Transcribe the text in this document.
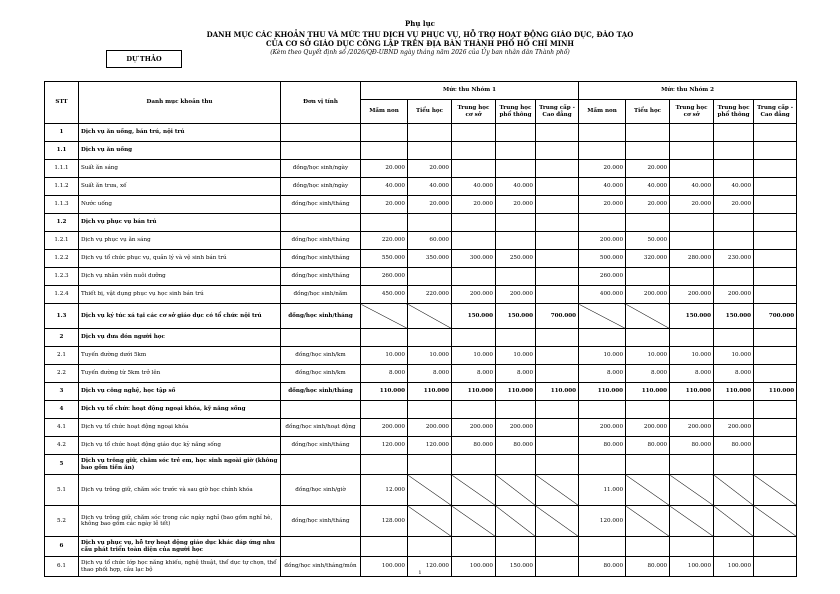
Phụ lục
DANH MỤC CÁC KHOẢN THU VÀ MỨC THU DỊCH VỤ PHỤC VỤ, HỖ TRỢ HOẠT ĐỘNG GIÁO DỤC, ĐÀO TẠO
CỦA CƠ SỞ GIÁO DỤC CÔNG LẬP TRÊN ĐỊA BÀN THÀNH PHỐ HỒ CHÍ MINH
(Kèm theo Quyết định số /2026/QĐ-UBND ngày tháng năm 2026 của Ủy ban nhân dân Thành phố)
DỰ THẢO
STT	Danh mục khoản thu	Đơn vị tính	Mức thu Nhóm 1					Mức thu Nhóm 2				
			Mầm non	Tiểu học	Trung học cơ sở	Trung học phổ thông	Trung cấp - Cao đẳng	Mầm non	Tiểu học	Trung học cơ sở	Trung học phổ thông	Trung cấp - Cao đẳng
1	Dịch vụ ăn uống, bán trú, nội trú											
1.1	Dịch vụ ăn uống											
1.1.1	Suất ăn sáng	đồng/học sinh/ngày	20.000	20.000				20.000	20.000			
1.1.2	Suất ăn trưa, xế	đồng/học sinh/ngày	40.000	40.000	40.000	40.000		40.000	40.000	40.000	40.000	
1.1.3	Nước uống	đồng/học sinh/tháng	20.000	20.000	20.000	20.000		20.000	20.000	20.000	20.000	
1.2	Dịch vụ phục vụ bán trú											
1.2.1	Dịch vụ phục vụ ăn sáng	đồng/học sinh/tháng	220.000	60.000				200.000	50.000			
1.2.2	Dịch vụ tổ chức phục vụ, quản lý và vệ sinh bán trú	đồng/học sinh/tháng	550.000	350.000	300.000	250.000		500.000	320.000	280.000	230.000	
1.2.3	Dịch vụ nhân viên nuôi dưỡng	đồng/học sinh/tháng	260.000					260.000				
1.2.4	Thiết bị, vật dụng phục vụ học sinh bán trú	đồng/học sinh/năm	450.000	220.000	200.000	200.000		400.000	200.000	200.000	200.000	
1.3	Dịch vụ ký túc xá tại các cơ sở giáo dục có tổ chức nội trú	đồng/học sinh/tháng			150.000	150.000	700.000			150.000	150.000	700.000
2	Dịch vụ đưa đón người học											
2.1	Tuyến đường dưới 5km	đồng/học sinh/km	10.000	10.000	10.000	10.000		10.000	10.000	10.000	10.000	
2.2	Tuyến đường từ 5km trở lên	đồng/học sinh/km	8.000	8.000	8.000	8.000		8.000	8.000	8.000	8.000	
3	Dịch vụ công nghệ, học tập số	đồng/học sinh/tháng	110.000	110.000	110.000	110.000	110.000	110.000	110.000	110.000	110.000	110.000
4	Dịch vụ tổ chức hoạt động ngoại khóa, kỹ năng sống											
4.1	Dịch vụ tổ chức hoạt động ngoại khóa	đồng/học sinh/hoạt động	200.000	200.000	200.000	200.000		200.000	200.000	200.000	200.000	
4.2	Dịch vụ tổ chức hoạt động giáo dục kỹ năng sống	đồng/học sinh/tháng	120.000	120.000	80.000	80.000		80.000	80.000	80.000	80.000	
5	Dịch vụ trông giữ, chăm sóc trẻ em, học sinh ngoài giờ (không bao gồm tiền ăn)											
5.1	Dịch vụ trông giữ, chăm sóc trước và sau giờ học chính khóa	đồng/học sinh/giờ	12.000					11.000				
5.2	Dịch vụ trông giữ, chăm sóc trong các ngày nghỉ (bao gồm nghỉ hè, không bao gồm các ngày lễ tết)	đồng/học sinh/tháng	128.000					120.000				
6	Dịch vụ phục vụ, hỗ trợ hoạt động giáo dục khác đáp ứng nhu cầu phát triển toàn diện của người học											
6.1	Dịch vụ tổ chức lớp học năng khiếu, nghệ thuật, thể dục tự chọn, thể thao phối hợp, câu lạc bộ	đồng/học sinh/tháng/môn	100.000	120.000	100.000	150.000		80.000	80.000	100.000	100.000	
1
